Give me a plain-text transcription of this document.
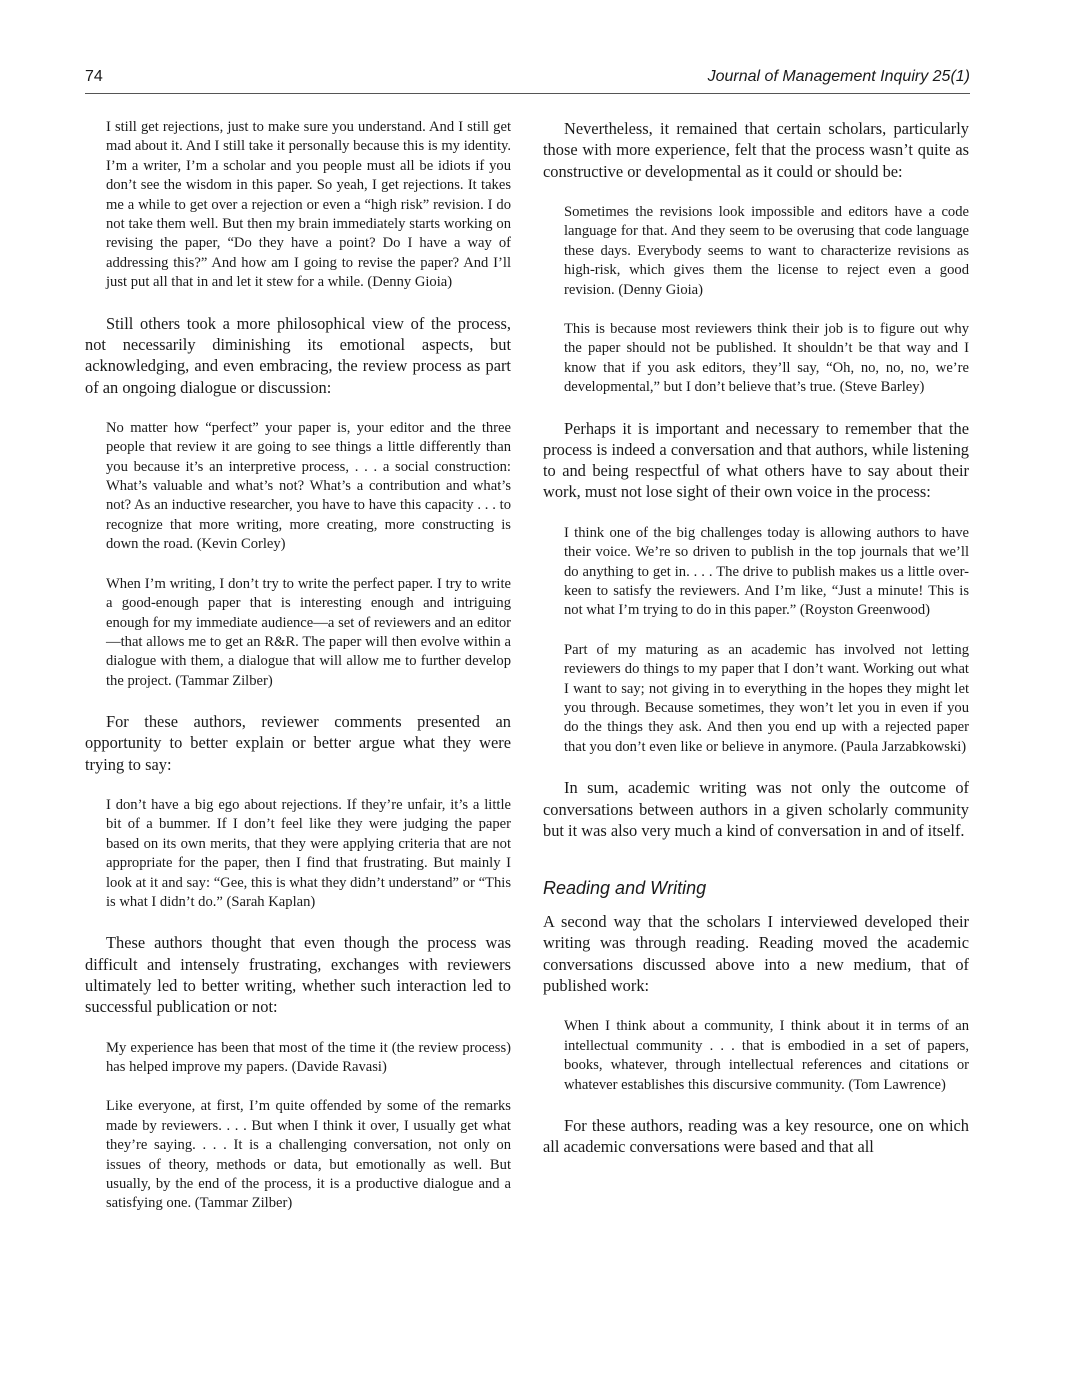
74	Journal of Management Inquiry 25(1)

I still get rejections, just to make sure you understand. And I still get mad about it. And I still take it personally because this is my identity. I’m a writer, I’m a scholar and you people must all be idiots if you don’t see the wisdom in this paper. So yeah, I get rejections. It takes me a while to get over a rejection or even a “high risk” revision. I do not take them well. But then my brain immediately starts working on revising the paper, “Do they have a point? Do I have a way of addressing this?” And how am I going to revise the paper? And I’ll just put all that in and let it stew for a while. (Denny Gioia)

Still others took a more philosophical view of the process, not necessarily diminishing its emotional aspects, but acknowledging, and even embracing, the review process as part of an ongoing dialogue or discussion:

No matter how “perfect” your paper is, your editor and the three people that review it are going to see things a little differently than you because it’s an interpretive process, . . . a social construction: What’s valuable and what’s not? What’s a contribution and what’s not? As an inductive researcher, you have to have this capacity . . . to recognize that more writing, more creating, more constructing is down the road. (Kevin Corley)

When I’m writing, I don’t try to write the perfect paper. I try to write a good-enough paper that is interesting enough and intriguing enough for my immediate audience—a set of reviewers and an editor—that allows me to get an R&R. The paper will then evolve within a dialogue with them, a dialogue that will allow me to further develop the project. (Tammar Zilber)

For these authors, reviewer comments presented an opportunity to better explain or better argue what they were trying to say:

I don’t have a big ego about rejections. If they’re unfair, it’s a little bit of a bummer. If I don’t feel like they were judging the paper based on its own merits, that they were applying criteria that are not appropriate for the paper, then I find that frustrating. But mainly I look at it and say: “Gee, this is what they didn’t understand” or “This is what I didn’t do.” (Sarah Kaplan)

These authors thought that even though the process was difficult and intensely frustrating, exchanges with reviewers ultimately led to better writing, whether such interaction led to successful publication or not:

My experience has been that most of the time it (the review process) has helped improve my papers. (Davide Ravasi)

Like everyone, at first, I’m quite offended by some of the remarks made by reviewers. . . . But when I think it over, I usually get what they’re saying. . . . It is a challenging conversation, not only on issues of theory, methods or data, but emotionally as well. But usually, by the end of the process, it is a productive dialogue and a satisfying one. (Tammar Zilber)

Nevertheless, it remained that certain scholars, particularly those with more experience, felt that the process wasn’t quite as constructive or developmental as it could or should be:

Sometimes the revisions look impossible and editors have a code language for that. And they seem to be overusing that code language these days. Everybody seems to want to characterize revisions as high-risk, which gives them the license to reject even a good revision. (Denny Gioia)

This is because most reviewers think their job is to figure out why the paper should not be published. It shouldn’t be that way and I know that if you ask editors, they’ll say, “Oh, no, no, no, we’re developmental,” but I don’t believe that’s true. (Steve Barley)

Perhaps it is important and necessary to remember that the process is indeed a conversation and that authors, while listening to and being respectful of what others have to say about their work, must not lose sight of their own voice in the process:

I think one of the big challenges today is allowing authors to have their voice. We’re so driven to publish in the top journals that we’ll do anything to get in. . . . The drive to publish makes us a little over-keen to satisfy the reviewers. And I’m like, “Just a minute! This is not what I’m trying to do in this paper.” (Royston Greenwood)

Part of my maturing as an academic has involved not letting reviewers do things to my paper that I don’t want. Working out what I want to say; not giving in to everything in the hopes they might let you through. Because sometimes, they won’t let you in even if you do the things they ask. And then you end up with a rejected paper that you don’t even like or believe in anymore. (Paula Jarzabkowski)

In sum, academic writing was not only the outcome of conversations between authors in a given scholarly community but it was also very much a kind of conversation in and of itself.

Reading and Writing

A second way that the scholars I interviewed developed their writing was through reading. Reading moved the academic conversations discussed above into a new medium, that of published work:

When I think about a community, I think about it in terms of an intellectual community . . . that is embodied in a set of papers, books, whatever, through intellectual references and citations or whatever establishes this discursive community. (Tom Lawrence)

For these authors, reading was a key resource, one on which all academic conversations were based and that all
